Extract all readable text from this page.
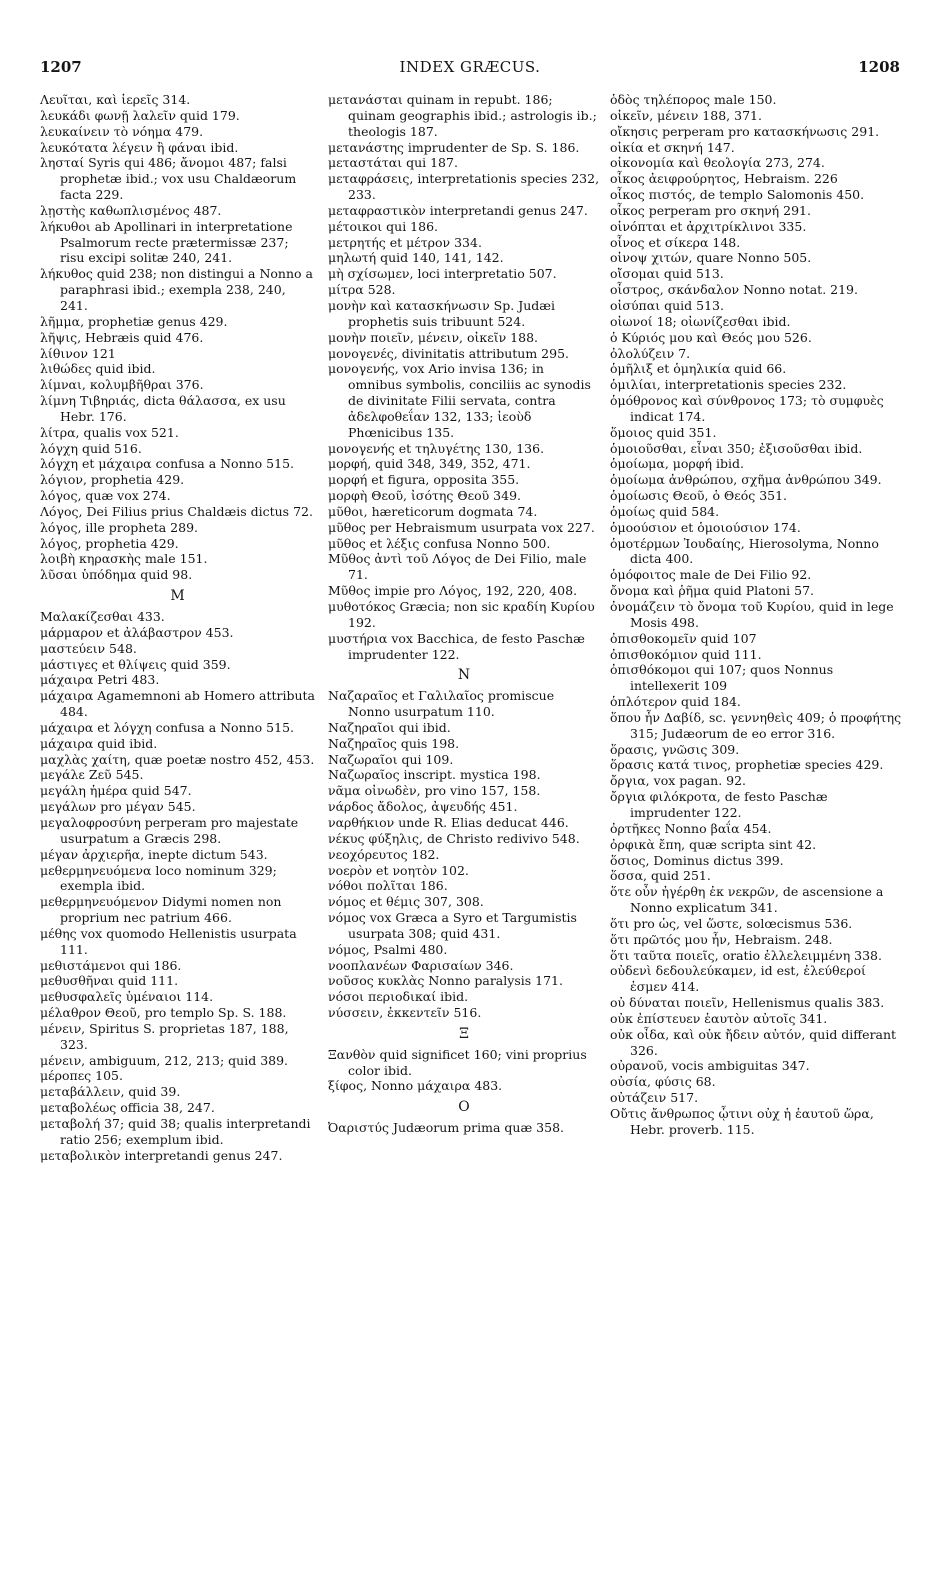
1207	INDEX GRÆCUS.	1208
Λευῖται, καὶ ἱερεῖς 314.
λευκάδι φωνῇ λαλεῖν quid 179.
λευκαίνειν τὸ νόημα 479.
λευκότατα λέγειν ἢ φάναι ibid.
λησταί Syris qui 486; ἄνομοι 487; falsi prophetæ ibid.; vox usu Chaldæorum facta 229.
λῃστὴς καθωπλισμένος 487.
λήκυθοι ab Apollinari in interpretatione Psalmorum recte prætermissæ 237; risu excipi solitæ 240, 241.
λήκυθος quid 238; non distingui a Nonno a paraphrasi ibid.; exempla 238, 240, 241.
λῆμμα, prophetiæ genus 429.
λῆψις, Hebræis quid 476.
λίθινον 121
λιθώδες quid ibid.
λίμναι, κολυμβῆθραι 376.
λίμνη Τιβηριάς, dicta θάλασσα, ex usu Hebr. 176.
λίτρα, qualis vox 521.
λόγχη quid 516.
λόγχη et μάχαιρα confusa a Nonno 515.
λόγιον, prophetia 429.
λόγος, quæ vox 274.
Λόγος, Dei Filius prius Chaldæis dictus 72.
λόγος, ille propheta 289.
λόγος, prophetia 429.
λοιβὴ κηρασκὴς male 151.
λῦσαι ὑπόδημα quid 98.
M
Μαλακίζεσθαι 433.
μάρμαρον et ἀλάβαστρον 453.
μαστεύειν 548.
μάστιγες et θλίψεις quid 359.
μάχαιρα Petri 483.
μάχαιρα Agamemnoni ab Homero attributa 484.
μάχαιρα et λόγχη confusa a Nonno 515.
μάχαιρα quid ibid.
μαχλὰς χαίτη, quæ poetæ nostro 452, 453.
μεγάλε Ζεῦ 545.
μεγάλη ἡμέρα quid 547.
μεγάλων pro μέγαν 545.
μεγαλοφροσύνη perperam pro majestate usurpatum a Græcis 298.
μέγαν ἀρχιερῆα, inepte dictum 543.
μεθερμηνευόμενα loco nominum 329; exempla ibid.
μεθερμηνευόμενον Didymi nomen non proprium nec patrium 466.
μέθης vox quomodo Hellenistis usurpata 111.
μεθιστάμενοι qui 186.
μεθυσθῆναι quid 111.
μεθυσφαλεῖς ὑμέναιοι 114.
μέλαθρον Θεοῦ, pro templo Sp. S. 188.
μένειν, Spiritus S. proprietas 187, 188, 323.
μένειν, ambiguum, 212, 213; quid 389.
μέροπες 105.
μεταβάλλειν, quid 39.
μεταβολέως officia 38, 247.
μεταβολή 37; quid 38; qualis interpretandi ratio 256; exemplum ibid.
μεταβολικὸν interpretandi genus 247.
μετανάσται quinam in repubt. 186; quinam geographis ibid.; astrologis ib.; theologis 187.
μετανάστης imprudenter de Sp. S. 186.
μεταστάται qui 187.
μεταφράσεις, interpretationis species 232, 233.
μεταφραστικὸν interpretandi genus 247.
μέτοικοι qui 186.
μετρητής et μέτρον 334.
μηλωτή quid 140, 141, 142.
μὴ σχίσωμεν, loci interpretatio 507.
μίτρα 528.
μονὴν καὶ κατασκήνωσιν Sp. Judæi prophetis suis tribuunt 524.
μονὴν ποιεῖν, μένειν, οἰκεῖν 188.
μονογενές, divinitatis attributum 295.
μονογενής, vox Ario invisa 136; in omnibus symbolis, conciliis ac synodis de divinitate Filii servata, contra ἀδελφοθεΐαν 132, 133; ἰεοὺδ Phœnicibus 135.
μονογενής et τηλυγέτης 130, 136.
μορφή, quid 348, 349, 352, 471.
μορφή et figura, opposita 355.
μορφὴ Θεοῦ, ἰσότης Θεοῦ 349.
μῦθοι, hæreticorum dogmata 74.
μῦθος per Hebraismum usurpata vox 227.
μῦθος et λέξις confusa Nonno 500.
Μῦθος ἀντὶ τοῦ Λόγος de Dei Filio, male 71.
Μῦθος impie pro Λόγος, 192, 220, 408.
μυθοτόκος Græcia; non sic κραδίη Κυρίου 192.
μυστήρια vox Bacchica, de festo Paschæ imprudenter 122.
N
Ναζαραῖος et Γαλιλαῖος promiscue Nonno usurpatum 110.
Ναζηραῖοι qui ibid.
Ναζηραῖος quis 198.
Ναζωραῖοι qui 109.
Ναζωραῖος inscript. mystica 198.
νᾶμα οἰνωδὲν, pro vino 157, 158.
νάρδος ἄδολος, ἀψευδής 451.
ναρθήκιον unde R. Elias deducat 446.
νέκυς φύξηλις, de Christo redivivo 548.
νεοχόρευτος 182.
νοερὸν et νοητὸν 102.
νόθοι πολῖται 186.
νόμος et θέμις 307, 308.
νόμος vox Græca a Syro et Targumistis usurpata 308; quid 431.
νόμος, Psalmi 480.
νοοπλανέων Φαρισαίων 346.
νοῦσος κυκλὰς Nonno paralysis 171.
νόσοι περιοδικαί ibid.
νύσσειν, ἐκκεντεῖν 516.
Ξ
Ξανθὸν quid significet 160; vini proprius color ibid.
ξίφος, Nonno μάχαιρα 483.
O
Ὀαριστύς Judæorum prima quæ 358.
ὁδὸς τηλέπορος male 150.
οἰκεῖν, μένειν 188, 371.
οἴκησις perperam pro κατασκήνωσις 291.
οἰκία et σκηνή 147.
οἰκονομία καὶ θεολογία 273, 274.
οἶκος ἀειφρούρητος, Hebraism. 226
οἶκος πιστός, de templo Salomonis 450.
οἶκος perperam pro σκηνή 291.
οἰνόπται et ἀρχιτρίκλινοι 335.
οἶνος et σίκερα 148.
οἰνοψ χιτών, quare Nonno 505.
οἴσομαι quid 513.
οἶστρος, σκάνδαλον Nonno notat. 219.
οἰσύπαι quid 513.
οἰωνοί 18; οἰωνίζεσθαι ibid.
ὁ Κύριός μου καὶ Θεός μου 526.
ὀλολύζειν 7.
ὁμῆλιξ et ὁμηλικία quid 66.
ὁμιλίαι, interpretationis species 232.
ὁμόθρονος καὶ σύνθρονος 173; τὸ συμφυὲς indicat 174.
ὅμοιος quid 351.
ὁμοιοῦσθαι, εἶναι 350; ἐξισοῦσθαι ibid.
ὁμοίωμα, μορφή ibid.
ὁμοίωμα ἀνθρώπου, σχῆμα ἀνθρώπου 349.
ὁμοίωσις Θεοῦ, ὁ Θεός 351.
ὁμοίως quid 584.
ὁμοούσιον et ὁμοιούσιον 174.
ὁμοτέρμων Ἰουδαίης, Hierosolyma, Nonno dicta 400.
ὁμόφοιτος male de Dei Filio 92.
ὄνομα καὶ ῥῆμα quid Platoni 57.
ὀνομάζειν τὸ ὄνομα τοῦ Κυρίου, quid in lege Mosis 498.
ὀπισθοκομεῖν quid 107
ὀπισθοκόμιον quid 111.
ὀπισθόκομοι qui 107; quos Nonnus intellexerit 109
ὁπλότερον quid 184.
ὅπου ἦν Δαβίδ, sc. γεννηθεὶς 409; ὁ προφήτης 315; Judæorum de eo error 316.
ὅρασις, γνῶσις 309.
ὅρασις κατά τινος, prophetiæ species 429.
ὄργια, vox pagan. 92.
ὄργια φιλόκροτα, de festo Paschæ imprudenter 122.
ὀρτῆκες Nonno βαΐα 454.
ὀρφικὰ ἔπη, quæ scripta sint 42.
ὅσιος, Dominus dictus 399.
ὅσσα, quid 251.
ὅτε οὖν ἠγέρθη ἐκ νεκρῶν, de ascensione a Nonno explicatum 341.
ὅτι pro ὡς, vel ὥστε, solœcismus 536.
ὅτι πρῶτός μου ἦν, Hebraism. 248.
ὅτι ταῦτα ποιεῖς, oratio ἐλλελειμμένη 338.
οὐδενὶ δεδουλεύκαμεν, id est, ἐλεύθεροί ἐσμεν 414.
οὐ δύναται ποιεῖν, Hellenismus qualis 383.
οὐκ ἐπίστευεν ἑαυτὸν αὐτοῖς 341.
οὐκ οἶδα, καὶ οὐκ ἤδειν αὐτόν, quid differant 326.
οὐρανοῦ, vocis ambiguitas 347.
οὐσία, φύσις 68.
οὐτάζειν 517.
Οὔτις ἄνθρωπος ᾧτινι οὐχ ἡ ἑαυτοῦ ὥρα, Hebr. proverb. 115.
